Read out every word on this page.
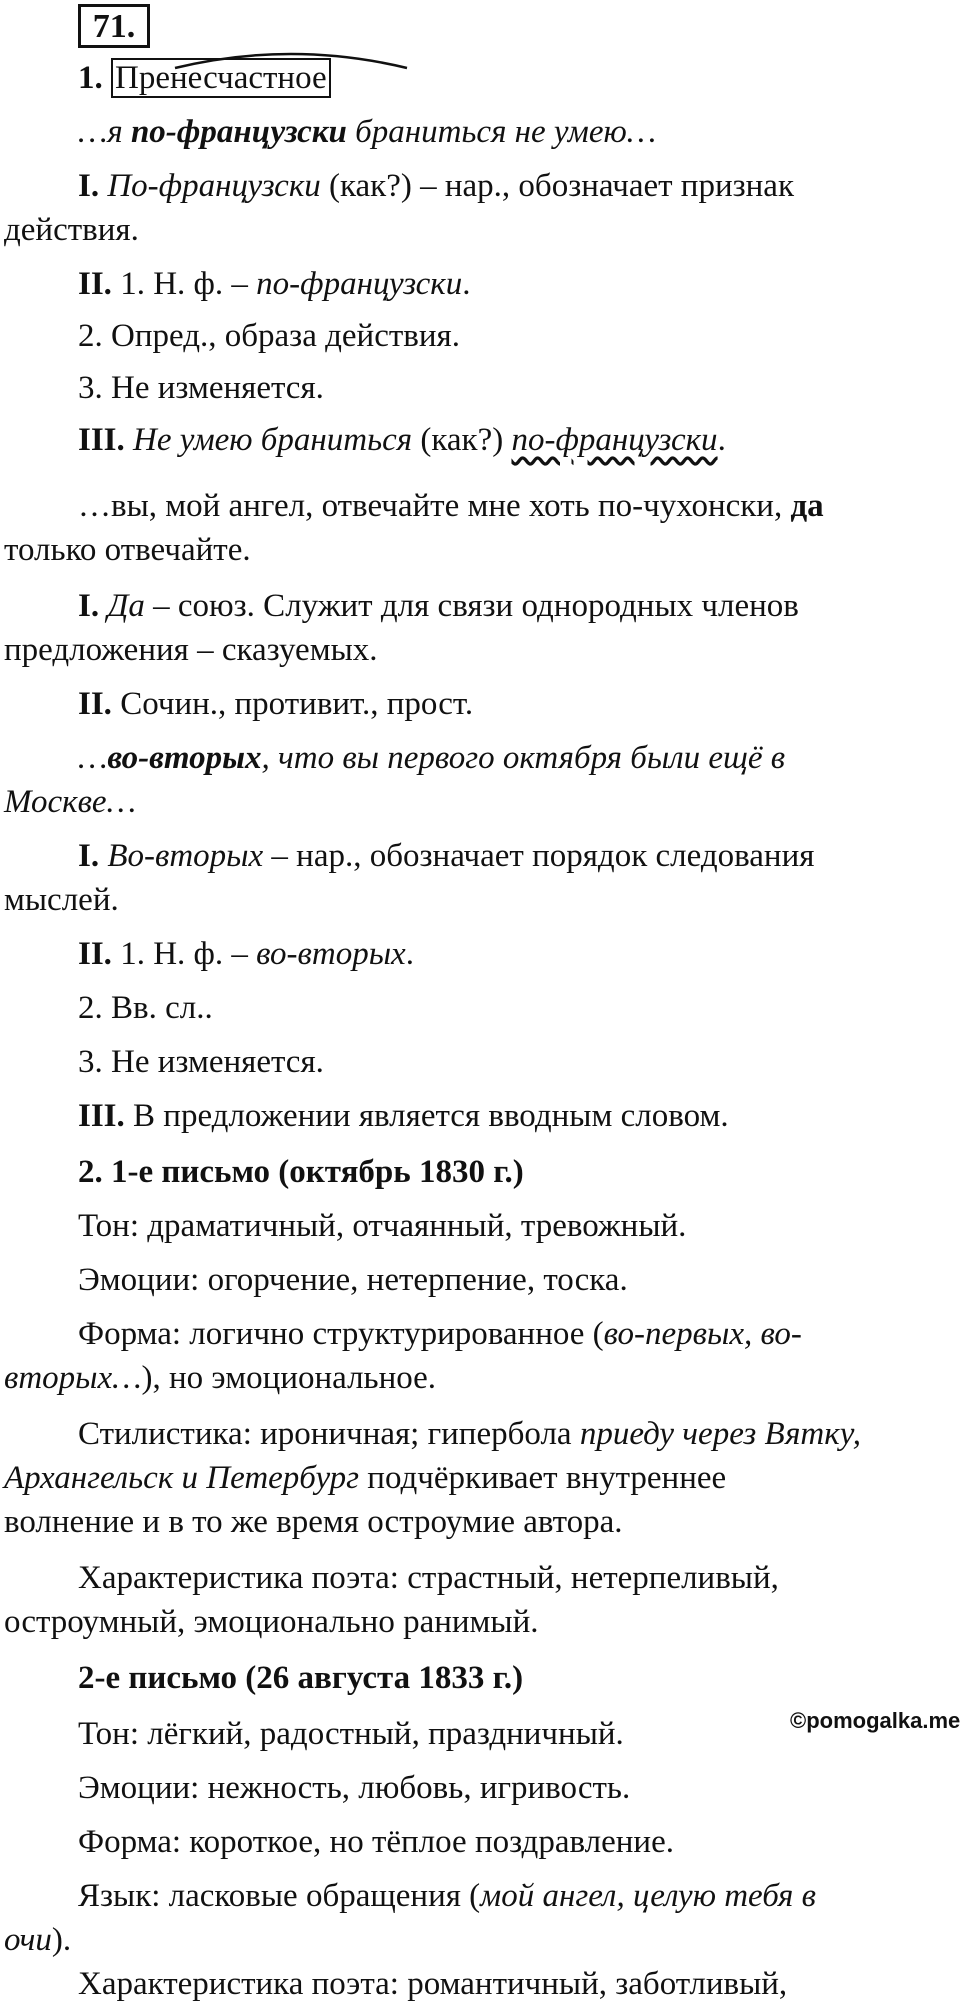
71.

1. Пренесчастное

…я по-французски браниться не умею…

I. По-французски (как?) – нар., обозначает признак

действия.

II. 1. Н. ф. – по-французски.

2. Опред., образа действия.

3. Не изменяется.

III. Не умею браниться (как?) по-французски.

…вы, мой ангел, отвечайте мне хоть по-чухонски, да

только отвечайте.

I. Да – союз. Служит для связи однородных членов

предложения – сказуемых.

II. Сочин., противит., прост.

…во-вторых, что вы первого октября были ещё в

Москве…

I. Во-вторых – нар., обозначает порядок следования

мыслей.

II. 1. Н. ф. – во-вторых.

2. Вв. сл..

3. Не изменяется.

III. В предложении является вводным словом.

2. 1-е письмо (октябрь 1830 г.)

Тон: драматичный, отчаянный, тревожный.

Эмоции: огорчение, нетерпение, тоска.

Форма: логично структурированное (во-первых, во-

вторых…), но эмоциональное.

Стилистика: ироничная; гипербола приеду через Вятку,

Архангельск и Петербург подчёркивает внутреннее

волнение и в то же время остроумие автора.

Характеристика поэта: страстный, нетерпеливый,

остроумный, эмоционально ранимый.

2-е письмо (26 августа 1833 г.)

Тон: лёгкий, радостный, праздничный.

Эмоции: нежность, любовь, игривость.

Форма: короткое, но тёплое поздравление.

Язык: ласковые обращения (мой ангел, целую тебя в

очи).

Характеристика поэта: романтичный, заботливый,

©pomogalka.me
